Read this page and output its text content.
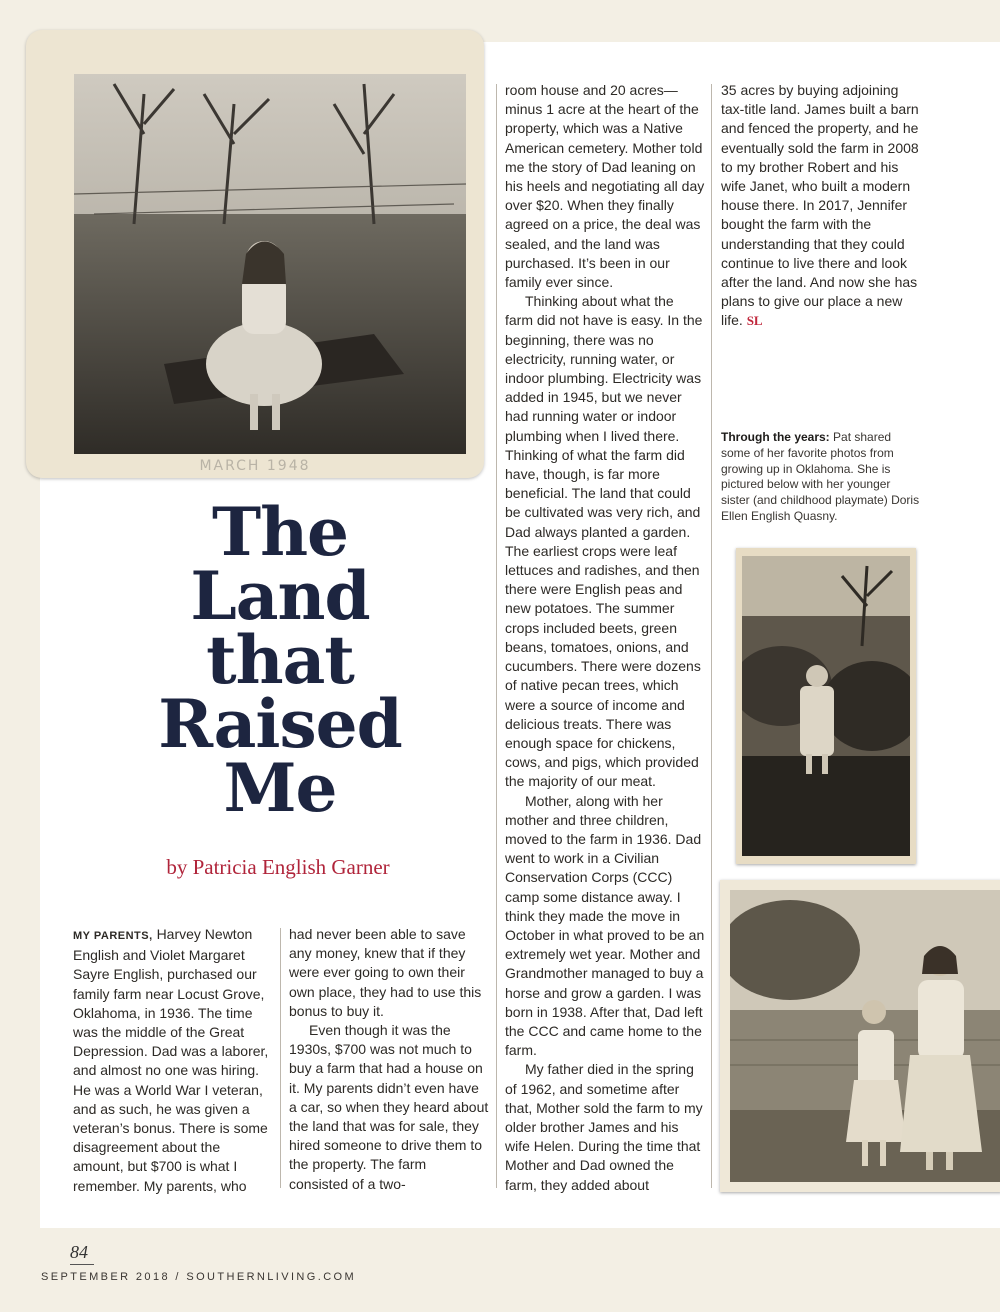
MARCH 1948
The
Land
that
Raised
Me
by Patricia English Garner

MY PARENTS, Harvey Newton English and Violet Margaret Sayre English, purchased our family farm near Locust Grove, Oklahoma, in 1936. The time was the middle of the Great Depression. Dad was a laborer, and almost no one was hiring. He was a World War I veteran, and as such, he was given a veteran’s bonus. There is some disagreement about the amount, but $700 is what I remember. My parents, who

had never been able to save any money, knew that if they were ever going to own their own place, they had to use this bonus to buy it.

Even though it was the 1930s, $700 was not much to buy a farm that had a house on it. My parents didn’t even have a car, so when they heard about the land that was for sale, they hired someone to drive them to the property. The farm consisted of a two-

room house and 20 acres—minus 1 acre at the heart of the property, which was a Native American cemetery. Mother told me the story of Dad leaning on his heels and negotiating all day over $20. When they finally agreed on a price, the deal was sealed, and the land was purchased. It’s been in our family ever since.

Thinking about what the farm did not have is easy. In the beginning, there was no electricity, running water, or indoor plumbing. Electricity was added in 1945, but we never had running water or indoor plumbing when I lived there. Thinking of what the farm did have, though, is far more beneficial. The land that could be cultivated was very rich, and Dad always planted a garden. The earliest crops were leaf lettuces and radishes, and then there were English peas and new potatoes. The summer crops included beets, green beans, tomatoes, onions, and cucumbers. There were dozens of native pecan trees, which were a source of income and delicious treats. There was enough space for chickens, cows, and pigs, which provided the majority of our meat.

Mother, along with her mother and three children, moved to the farm in 1936. Dad went to work in a Civilian Conservation Corps (CCC) camp some distance away. I think they made the move in October in what proved to be an extremely wet year. Mother and Grandmother managed to buy a horse and grow a garden. I was born in 1938. After that, Dad left the CCC and came home to the farm.

My father died in the spring of 1962, and sometime after that, Mother sold the farm to my older brother James and his wife Helen. During the time that Mother and Dad owned the farm, they added about

35 acres by buying adjoining tax-title land. James built a barn and fenced the property, and he eventually sold the farm in 2008 to my brother Robert and his wife Janet, who built a modern house there. In 2017, Jennifer bought the farm with the understanding that they could continue to live there and look after the land. And now she has plans to give our place a new life. SL

Through the years: Pat shared some of her favorite photos from growing up in Oklahoma. She is pictured below with her younger sister (and childhood playmate) Doris Ellen English Quasny.
84
SEPTEMBER 2018 / SOUTHERNLIVING.COM
